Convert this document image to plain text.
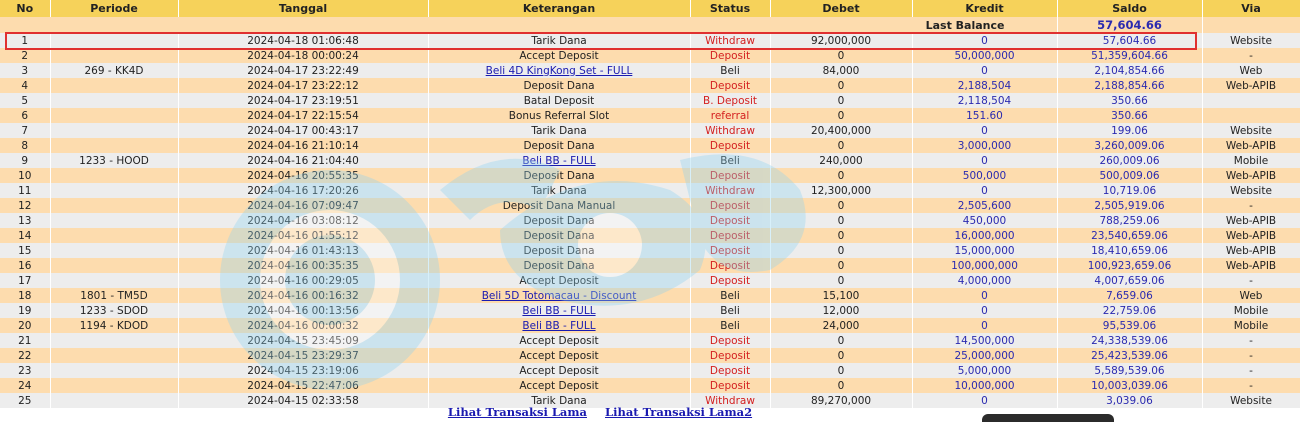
No	Periode	Tanggal	Keterangan	Status	Debet	Kredit	Saldo	Via
Last Balance							57,604.66	
1		2024-04-18 01:06:48	Tarik Dana	Withdraw	92,000,000	0	57,604.66	Website
2		2024-04-18 00:00:24	Accept Deposit	Deposit	0	50,000,000	51,359,604.66	-
3	269 - KK4D	2024-04-17 23:22:49	Beli 4D KingKong Set - FULL	Beli	84,000	0	2,104,854.66	Web
4		2024-04-17 23:22:12	Deposit Dana	Deposit	0	2,188,504	2,188,854.66	Web-APIB
5		2024-04-17 23:19:51	Batal Deposit	B. Deposit	0	2,118,504	350.66	
6		2024-04-17 22:15:54	Bonus Referral Slot	referral	0	151.60	350.66	
7		2024-04-17 00:43:17	Tarik Dana	Withdraw	20,400,000	0	199.06	Website
8		2024-04-16 21:10:14	Deposit Dana	Deposit	0	3,000,000	3,260,009.06	Web-APIB
9	1233 - HOOD	2024-04-16 21:04:40	Beli BB - FULL	Beli	240,000	0	260,009.06	Mobile
10		2024-04-16 20:55:35	Deposit Dana	Deposit	0	500,000	500,009.06	Web-APIB
11		2024-04-16 17:20:26	Tarik Dana	Withdraw	12,300,000	0	10,719.06	Website
12		2024-04-16 07:09:47	Deposit Dana Manual	Deposit	0	2,505,600	2,505,919.06	-
13		2024-04-16 03:08:12	Deposit Dana	Deposit	0	450,000	788,259.06	Web-APIB
14		2024-04-16 01:55:12	Deposit Dana	Deposit	0	16,000,000	23,540,659.06	Web-APIB
15		2024-04-16 01:43:13	Deposit Dana	Deposit	0	15,000,000	18,410,659.06	Web-APIB
16		2024-04-16 00:35:35	Deposit Dana	Deposit	0	100,000,000	100,923,659.06	Web-APIB
17		2024-04-16 00:29:05	Accept Deposit	Deposit	0	4,000,000	4,007,659.06	-
18	1801 - TM5D	2024-04-16 00:16:32	Beli 5D Totomacau - Discount	Beli	15,100	0	7,659.06	Web
19	1233 - SDOD	2024-04-16 00:13:56	Beli BB - FULL	Beli	12,000	0	22,759.06	Mobile
20	1194 - KDOD	2024-04-16 00:00:32	Beli BB - FULL	Beli	24,000	0	95,539.06	Mobile
21		2024-04-15 23:45:09	Accept Deposit	Deposit	0	14,500,000	24,338,539.06	-
22		2024-04-15 23:29:37	Accept Deposit	Deposit	0	25,000,000	25,423,539.06	-
23		2024-04-15 23:19:06	Accept Deposit	Deposit	0	5,000,000	5,589,539.06	-
24		2024-04-15 22:47:06	Accept Deposit	Deposit	0	10,000,000	10,003,039.06	-
25		2024-04-15 02:33:58	Tarik Dana	Withdraw	89,270,000	0	3,039.06	Website
Lihat Transaksi Lama Lihat Transaksi Lama2
